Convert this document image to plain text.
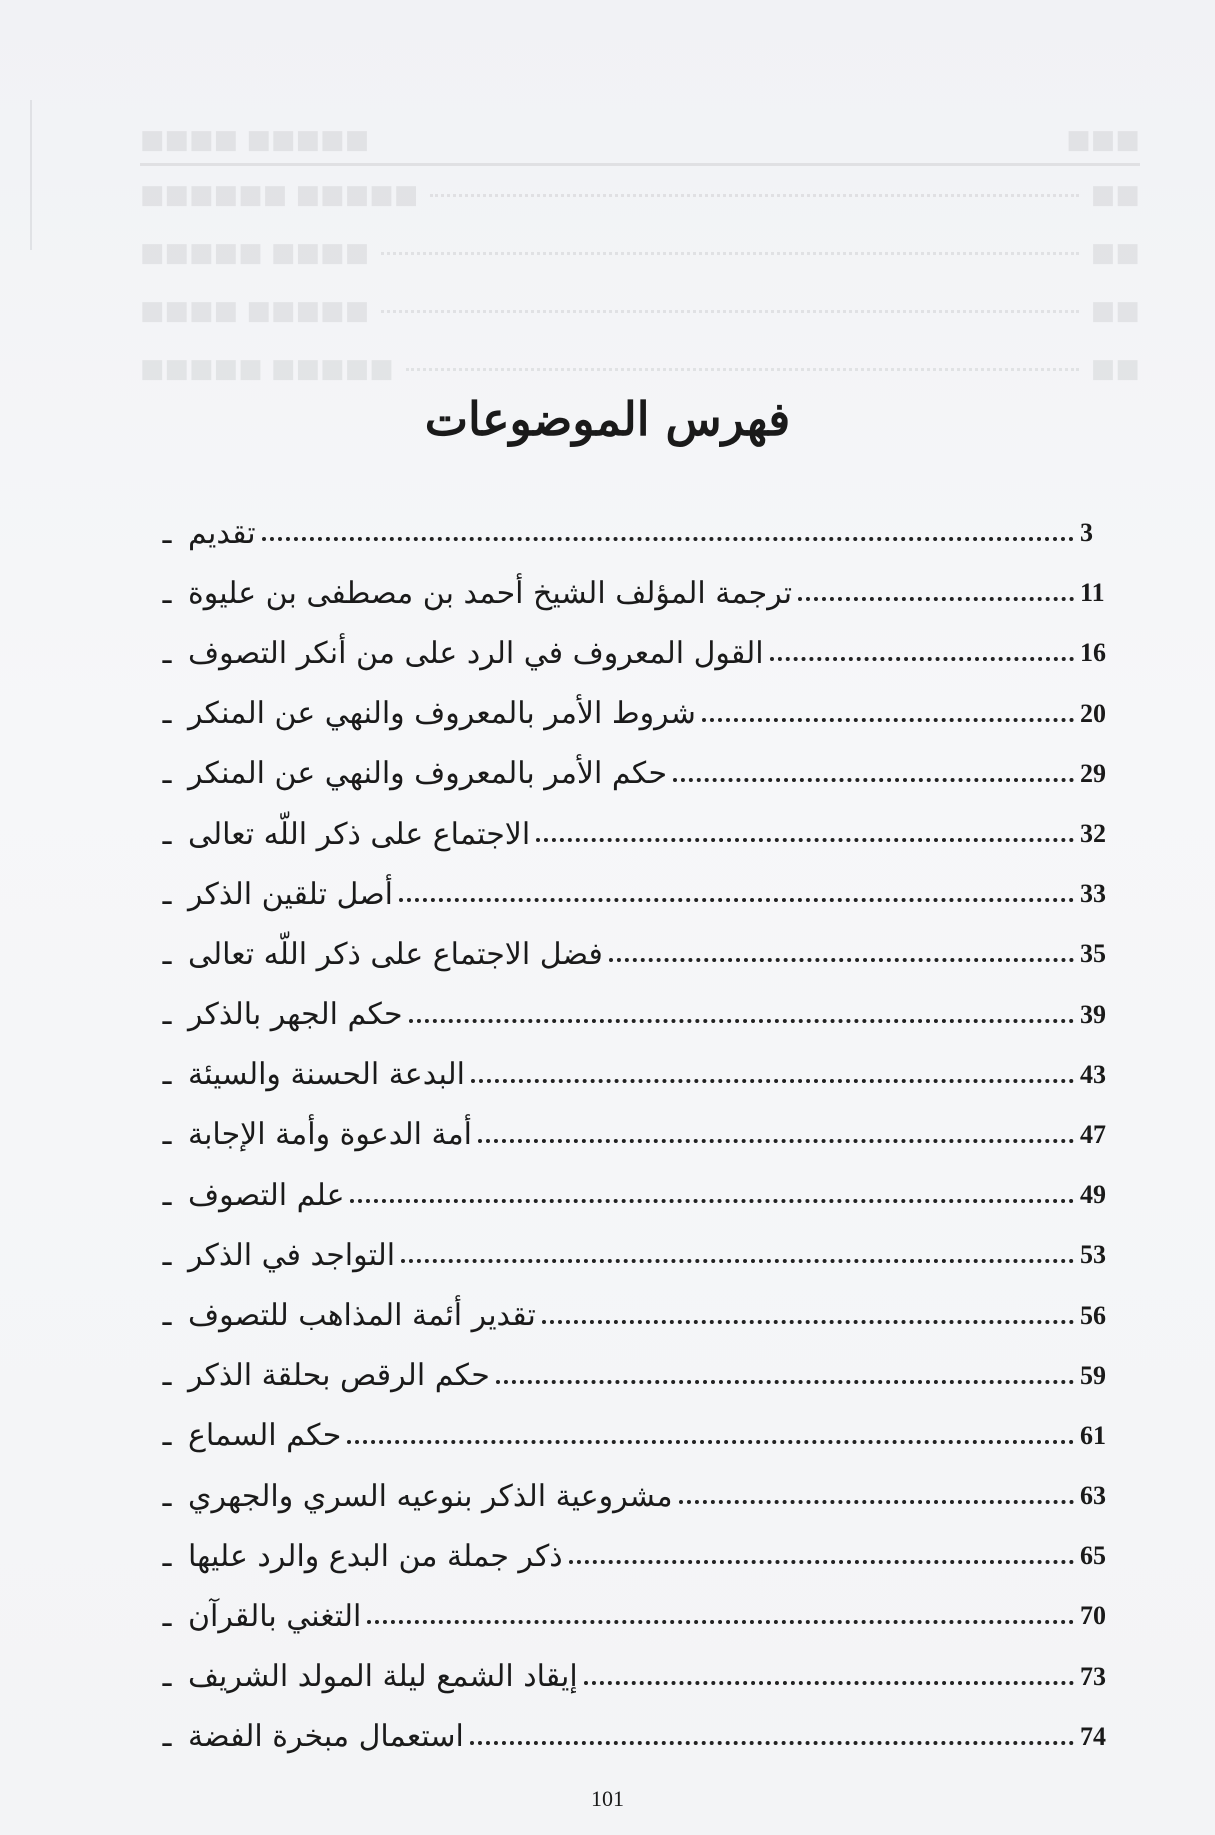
■■■■ ■■■■■	■■■
■■■■■■ ■■■■■	■■
■■■■■ ■■■■	■■
■■■■ ■■■■■	■■
■■■■■ ■■■■■	■■
فهرس الموضوعات
ـ تقديم	3
ـ ترجمة المؤلف الشيخ أحمد بن مصطفى بن عليوة	11
ـ القول المعروف في الرد على من أنكر التصوف	16
ـ شروط الأمر بالمعروف والنهي عن المنكر	20
ـ حكم الأمر بالمعروف والنهي عن المنكر	29
ـ الاجتماع على ذكر اللّه تعالى	32
ـ أصل تلقين الذكر	33
ـ فضل الاجتماع على ذكر اللّه تعالى	35
ـ حكم الجهر بالذكر	39
ـ البدعة الحسنة والسيئة	43
ـ أمة الدعوة وأمة الإجابة	47
ـ علم التصوف	49
ـ التواجد في الذكر	53
ـ تقدير أئمة المذاهب للتصوف	56
ـ حكم الرقص بحلقة الذكر	59
ـ حكم السماع	61
ـ مشروعية الذكر بنوعيه السري والجهري	63
ـ ذكر جملة من البدع والرد عليها	65
ـ التغني بالقرآن	70
ـ إيقاد الشمع ليلة المولد الشريف	73
ـ استعمال مبخرة الفضة	74
101
